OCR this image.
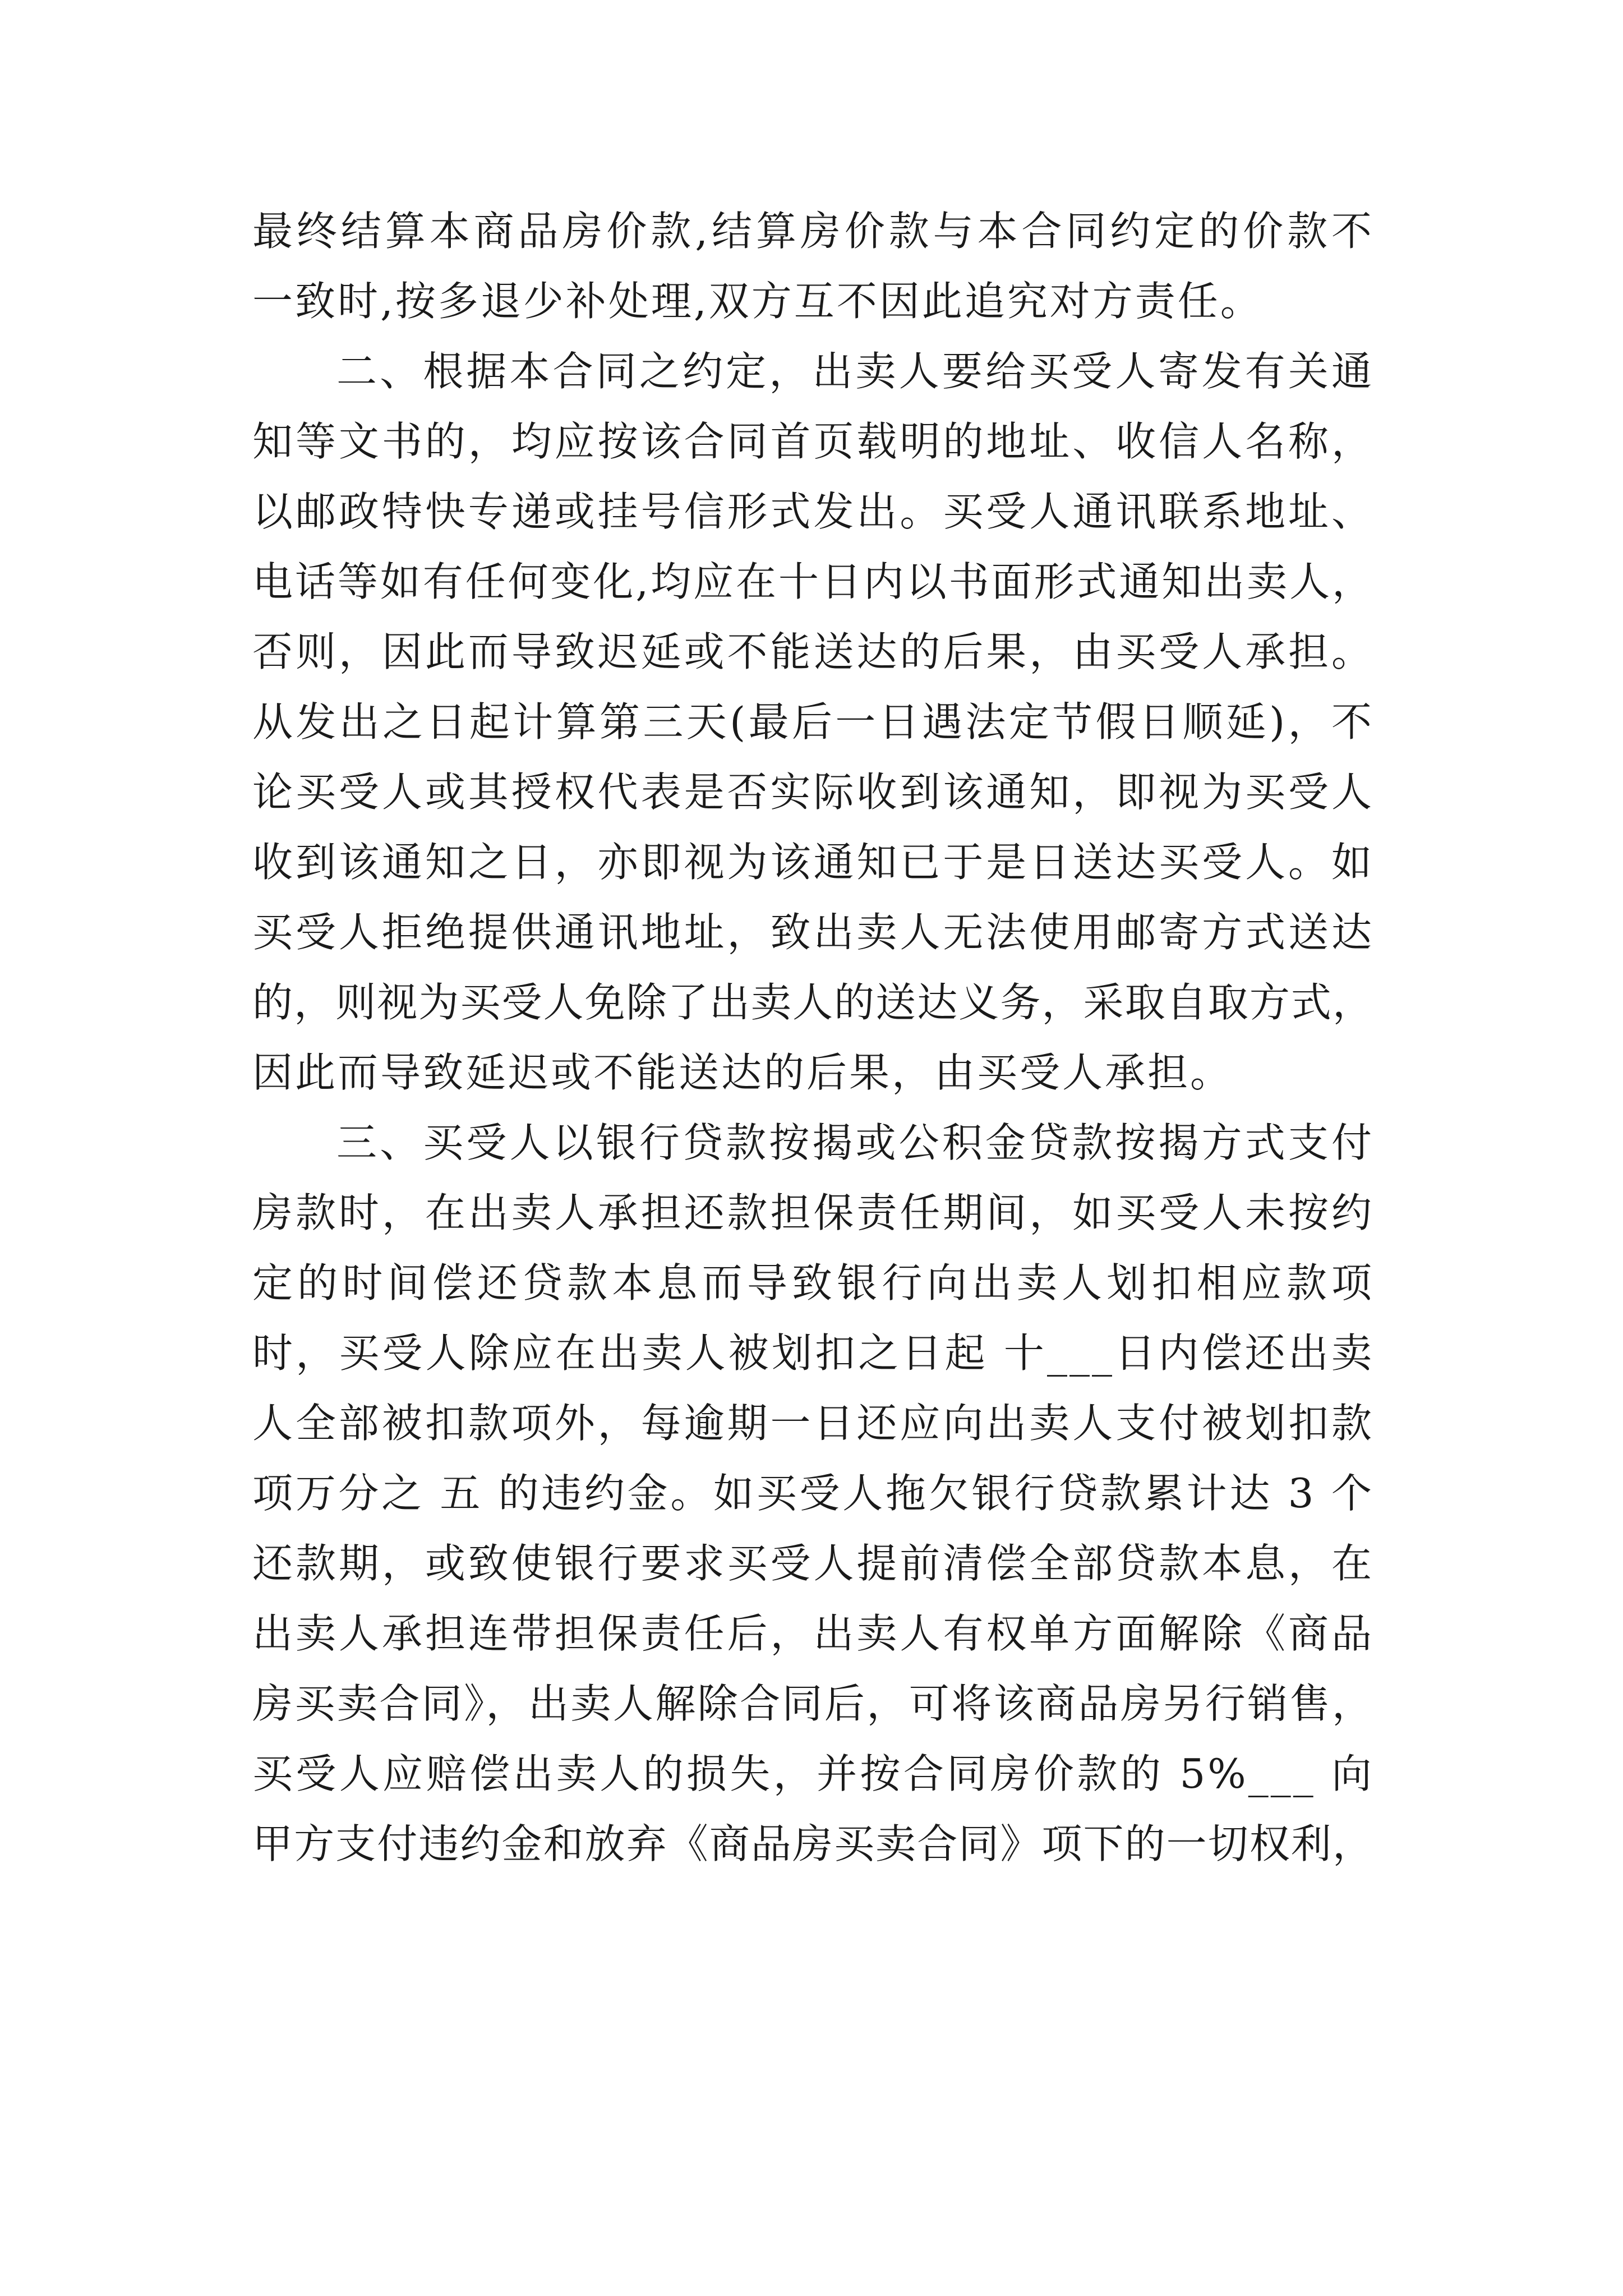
最终结算本商品房价款,结算房价款与本合同约定的价款不
一致时,按多退少补处理,双方互不因此追究对方责任。
二、根据本合同之约定，出卖人要给买受人寄发有关通
知等文书的，均应按该合同首页载明的地址、收信人名称，
以邮政特快专递或挂号信形式发出。买受人通讯联系地址、
电话等如有任何变化,均应在十日内以书面形式通知出卖人，
否则，因此而导致迟延或不能送达的后果，由买受人承担。
从发出之日起计算第三天(最后一日遇法定节假日顺延)，不
论买受人或其授权代表是否实际收到该通知，即视为买受人
收到该通知之日，亦即视为该通知已于是日送达买受人。如
买受人拒绝提供通讯地址，致出卖人无法使用邮寄方式送达
的，则视为买受人免除了出卖人的送达义务，采取自取方式，
因此而导致延迟或不能送达的后果，由买受人承担。
三、买受人以银行贷款按揭或公积金贷款按揭方式支付
房款时，在出卖人承担还款担保责任期间，如买受人未按约
定的时间偿还贷款本息而导致银行向出卖人划扣相应款项
时，买受人除应在出卖人被划扣之日起 十___日内偿还出卖
人全部被扣款项外，每逾期一日还应向出卖人支付被划扣款
项万分之 五 的违约金。如买受人拖欠银行贷款累计达 3 个
还款期，或致使银行要求买受人提前清偿全部贷款本息，在
出卖人承担连带担保责任后，出卖人有权单方面解除《商品
房买卖合同》，出卖人解除合同后，可将该商品房另行销售，
买受人应赔偿出卖人的损失，并按合同房价款的 5%___ 向
甲方支付违约金和放弃《商品房买卖合同》项下的一切权利，
